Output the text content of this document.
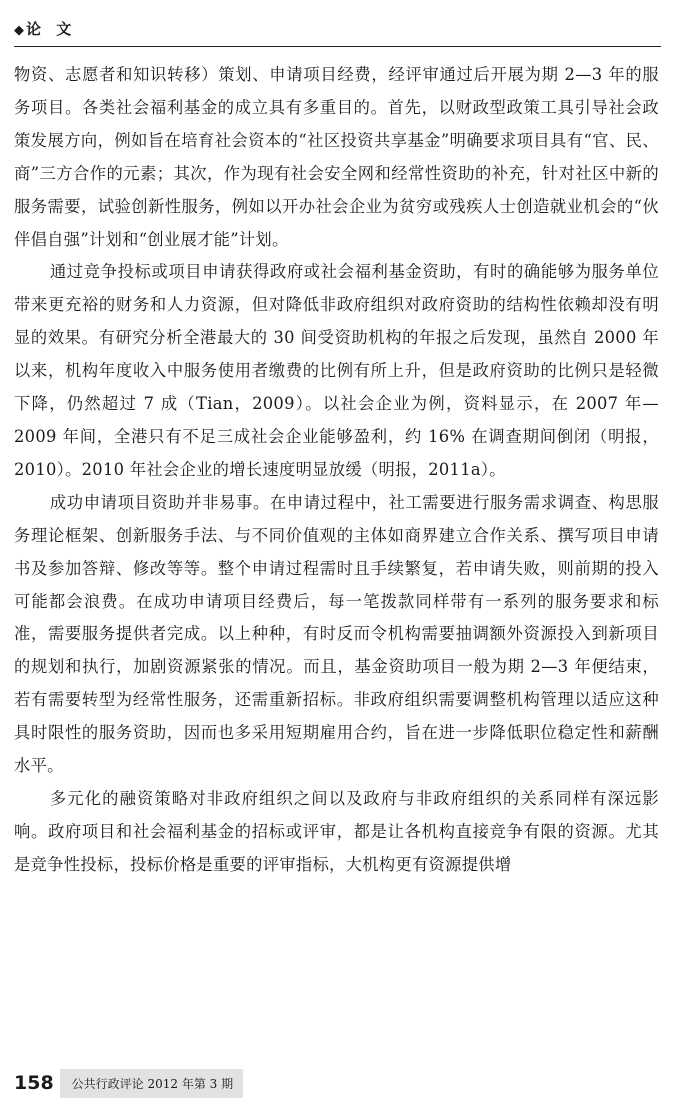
◆ 论 文

物资、志愿者和知识转移）策划、申请项目经费，经评审通过后开展为期 2—3 年的服务项目。各类社会福利基金的成立具有多重目的。首先，以财政型政策工具引导社会政策发展方向，例如旨在培育社会资本的“社区投资共享基金”明确要求项目具有“官、民、商”三方合作的元素；其次，作为现有社会安全网和经常性资助的补充，针对社区中新的服务需要，试验创新性服务，例如以开办社会企业为贫穷或残疾人士创造就业机会的“伙伴倡自强”计划和“创业展才能”计划。

通过竞争投标或项目申请获得政府或社会福利基金资助，有时的确能够为服务单位带来更充裕的财务和人力资源，但对降低非政府组织对政府资助的结构性依赖却没有明显的效果。有研究分析全港最大的 30 间受资助机构的年报之后发现，虽然自 2000 年以来，机构年度收入中服务使用者缴费的比例有所上升，但是政府资助的比例只是轻微下降，仍然超过 7 成（Tian，2009）。以社会企业为例，资料显示，在 2007 年—2009 年间，全港只有不足三成社会企业能够盈利，约 16% 在调查期间倒闭（明报，2010）。2010 年社会企业的增长速度明显放缓（明报，2011a）。

成功申请项目资助并非易事。在申请过程中，社工需要进行服务需求调查、构思服务理论框架、创新服务手法、与不同价值观的主体如商界建立合作关系、撰写项目申请书及参加答辩、修改等等。整个申请过程需时且手续繁复，若申请失败，则前期的投入可能都会浪费。在成功申请项目经费后，每一笔拨款同样带有一系列的服务要求和标准，需要服务提供者完成。以上种种，有时反而令机构需要抽调额外资源投入到新项目的规划和执行，加剧资源紧张的情况。而且，基金资助项目一般为期 2—3 年便结束，若有需要转型为经常性服务，还需重新招标。非政府组织需要调整机构管理以适应这种具时限性的服务资助，因而也多采用短期雇用合约，旨在进一步降低职位稳定性和薪酬水平。

多元化的融资策略对非政府组织之间以及政府与非政府组织的关系同样有深远影响。政府项目和社会福利基金的招标或评审，都是让各机构直接竞争有限的资源。尤其是竞争性投标，投标价格是重要的评审指标，大机构更有资源提供增

158	公共行政评论 2012 年第 3 期
